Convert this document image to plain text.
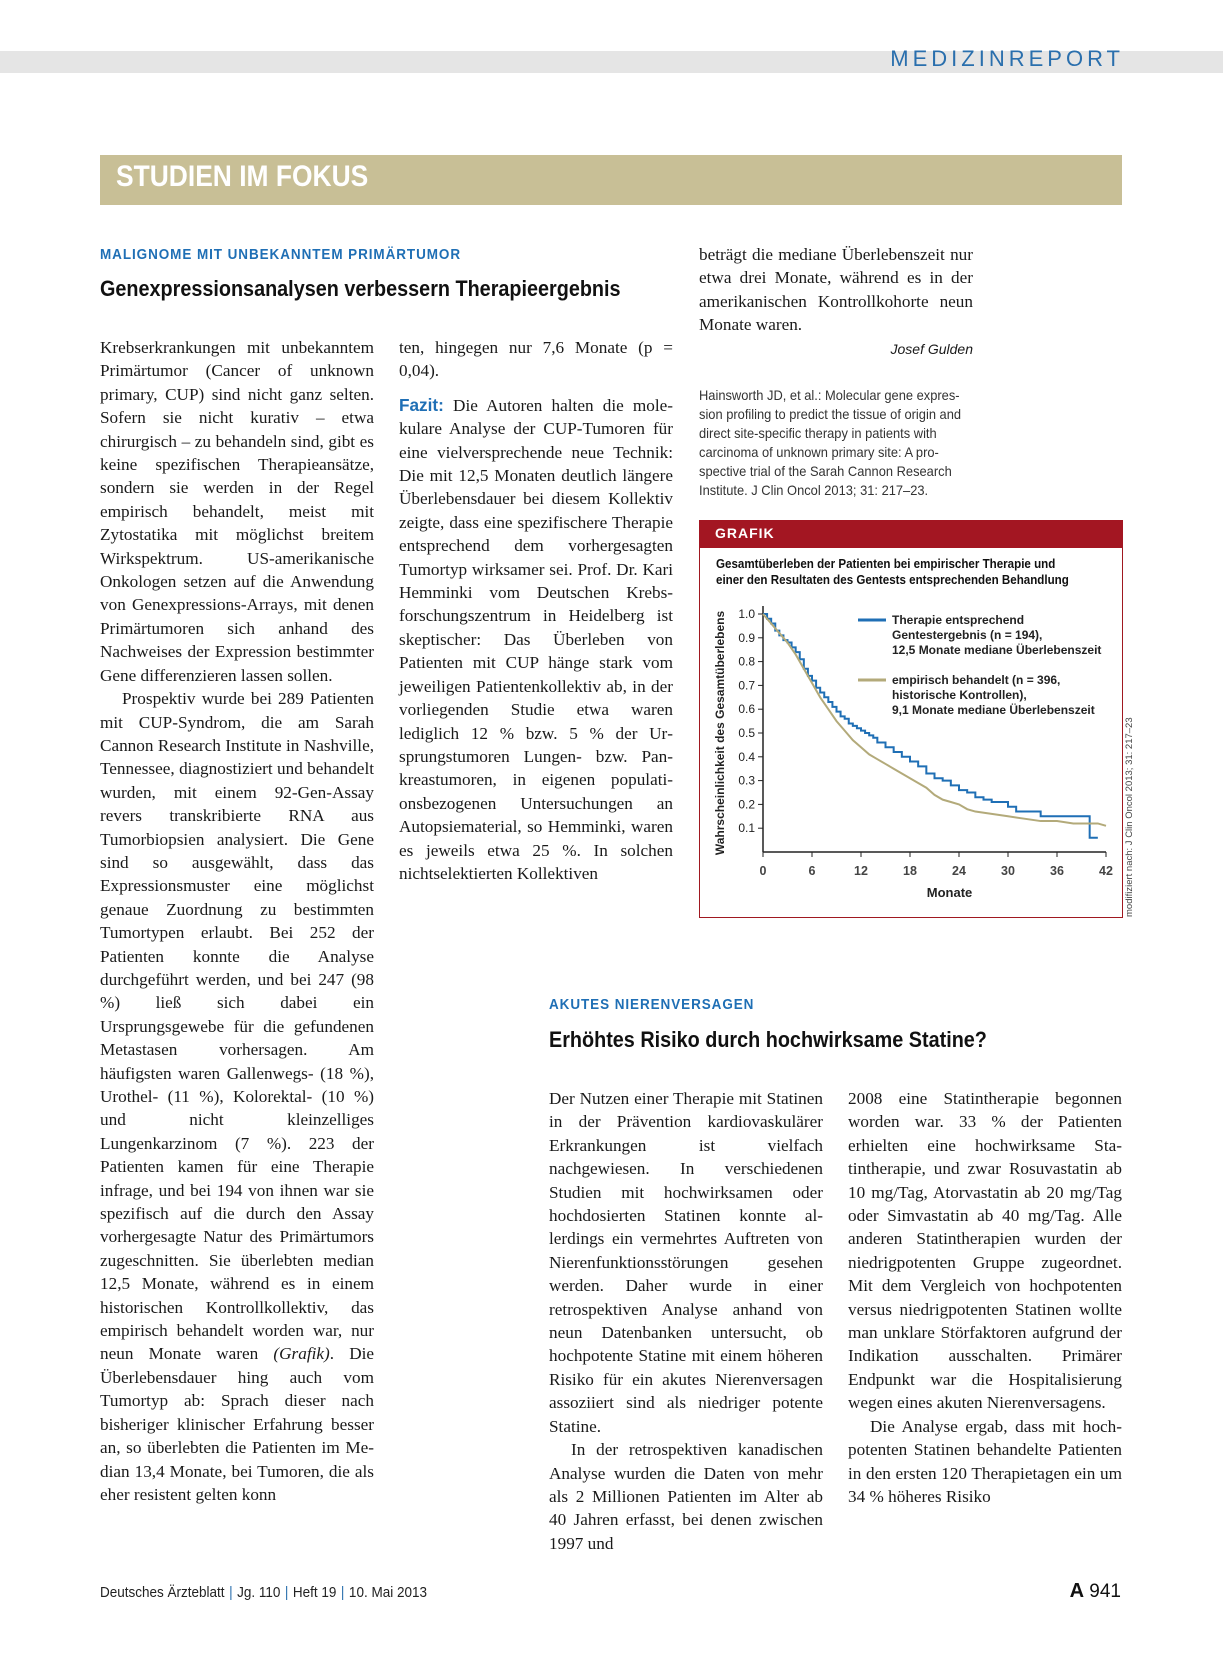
MEDIZINREPORT
STUDIEN IM FOKUS
MALIGNOME MIT UNBEKANNTEM PRIMÄRTUMOR
Genexpressionsanalysen verbessern Therapieergebnis

Krebserkrankungen mit unbekanntem Primärtumor (Cancer of unknown primary, CUP) sind nicht ganz selten. Sofern sie nicht kurativ – etwa chirurgisch – zu behandeln sind, gibt es keine spezifischen Therapieansätze, sondern sie werden in der Regel empirisch behandelt, meist mit Zytostatika mit möglichst breitem Wirkspektrum. US-amerikanische Onkologen setzen auf die Anwendung von Genexpressions-Arrays, mit denen Primärtumoren sich anhand des Nachweises der Expression bestimmter Gene differenzieren lassen sollen.

Prospektiv wurde bei 289 Patienten mit CUP-Syndrom, die am Sarah Cannon Research Institute in Nashville, Tennessee, diagnostiziert und behandelt wurden, mit einem 92-Gen-Assay revers transkribierte RNA aus Tumorbiopsien analysiert. Die Gene sind so ausgewählt, dass das Expressionsmuster eine möglichst genaue Zuordnung zu bestimmten Tumortypen erlaubt. Bei 252 der Patienten konnte die Analyse durchgeführt werden, und bei 247 (98 %) ließ sich dabei ein Ursprungsgewebe für die gefundenen Metastasen vorhersagen. Am häufigsten waren Gallenwegs- (18 %), Urothel- (11 %), Kolorektal- (10 %) und nicht kleinzelliges Lungenkarzinom (7 %). 223 der Patienten kamen für eine Therapie infrage, und bei 194 von ihnen war sie spezifisch auf die durch den Assay vorhergesagte Natur des Primärtumors zugeschnitten. Sie überlebten median 12,5 Monate, während es in einem historischen Kontrollkollektiv, das empirisch behandelt worden war, nur neun Monate waren (Grafik). Die Überlebensdauer hing auch vom Tumortyp ab: Sprach dieser nach bisheriger klinischer Erfahrung besser an, so überlebten die Patienten im Median 13,4 Monate, bei Tumoren, die als eher resistent gelten konn

ten, hingegen nur 7,6 Monate (p = 0,04).

Fazit: Die Autoren halten die molekulare Analyse der CUP-Tumoren für eine vielversprechende neue Technik: Die mit 12,5 Monaten deutlich längere Überlebensdauer bei diesem Kollektiv zeigte, dass eine spezifischere Therapie entsprechend dem vorhergesagten Tumortyp wirksamer sei. Prof. Dr. Kari Hemminki vom Deutschen Krebsforschungszentrum in Heidelberg ist skeptischer: Das Überleben von Patienten mit CUP hänge stark vom jeweiligen Patientenkollektiv ab, in der vorliegenden Studie etwa waren lediglich 12 % bzw. 5 % der Ursprungstumoren Lungen- bzw. Pankreastumoren, in eigenen populationsbezogenen Untersuchungen an Autopsiematerial, so Hemminki, waren es jeweils etwa 25 %. In solchen nichtselektierten Kollektiven

beträgt die mediane Überlebenszeit nur etwa drei Monate, während es in der amerikanischen Kontrollkohorte neun Monate waren.

Josef Gulden
Hainsworth JD, et al.: Molecular gene expression profiling to predict the tissue of origin and direct site-specific therapy in patients with carcinoma of unknown primary site: A prospective trial of the Sarah Cannon Research Institute. J Clin Oncol 2013; 31: 217–23.
GRAFIK
Gesamtüberleben der Patienten bei empirischer Therapie und
einer den Resultaten des Gentests entsprechenden Behandlung
1.0
0.9
0.8
0.7
0.6
0.5
0.4
0.3
0.2
0.1
0	6	12	18	24	30	36	42
Monate
Wahrscheinlichkeit des Gesamtüberlebens	Therapie entsprechend
Gentestergebnis (n = 194),
12,5 Monate mediane Überlebenszeit
empirisch behandelt (n = 396,
historische Kontrollen),
9,1 Monate mediane Überlebenszeit
modifiziert nach: J Clin Oncol 2013; 31: 217–23
AKUTES NIERENVERSAGEN
Erhöhtes Risiko durch hochwirksame Statine?

Der Nutzen einer Therapie mit Statinen in der Prävention kardiovaskulärer Erkrankungen ist vielfach nachgewiesen. In verschiedenen Studien mit hochwirksamen oder hochdosierten Statinen konnte allerdings ein vermehrtes Auftreten von Nierenfunktionsstörungen gesehen werden. Daher wurde in einer retrospektiven Analyse anhand von neun Datenbanken untersucht, ob hochpotente Statine mit einem höheren Risiko für ein akutes Nierenversagen assoziiert sind als niedriger potente Statine.

In der retrospektiven kanadischen Analyse wurden die Daten von mehr als 2 Millionen Patienten im Alter ab 40 Jahren erfasst, bei denen zwischen 1997 und

2008 eine Statintherapie begonnen worden war. 33 % der Patienten erhielten eine hochwirksame Statintherapie, und zwar Rosuvastatin ab 10 mg/Tag, Atorvastatin ab 20 mg/Tag oder Simvastatin ab 40 mg/Tag. Alle anderen Statintherapien wurden der niedrigpotenten Gruppe zugeordnet. Mit dem Vergleich von hochpotenten versus niedrigpotenten Statinen wollte man unklare Störfaktoren aufgrund der Indikation ausschalten. Primärer Endpunkt war die Hospitalisierung wegen eines akuten Nierenversagens.

Die Analyse ergab, dass mit hochpotenten Statinen behandelte Patienten in den ersten 120 Therapietagen ein um 34 % höheres Risiko

Deutsches Ärzteblatt | Jg. 110 | Heft 19 | 10. Mai 2013	A 941
